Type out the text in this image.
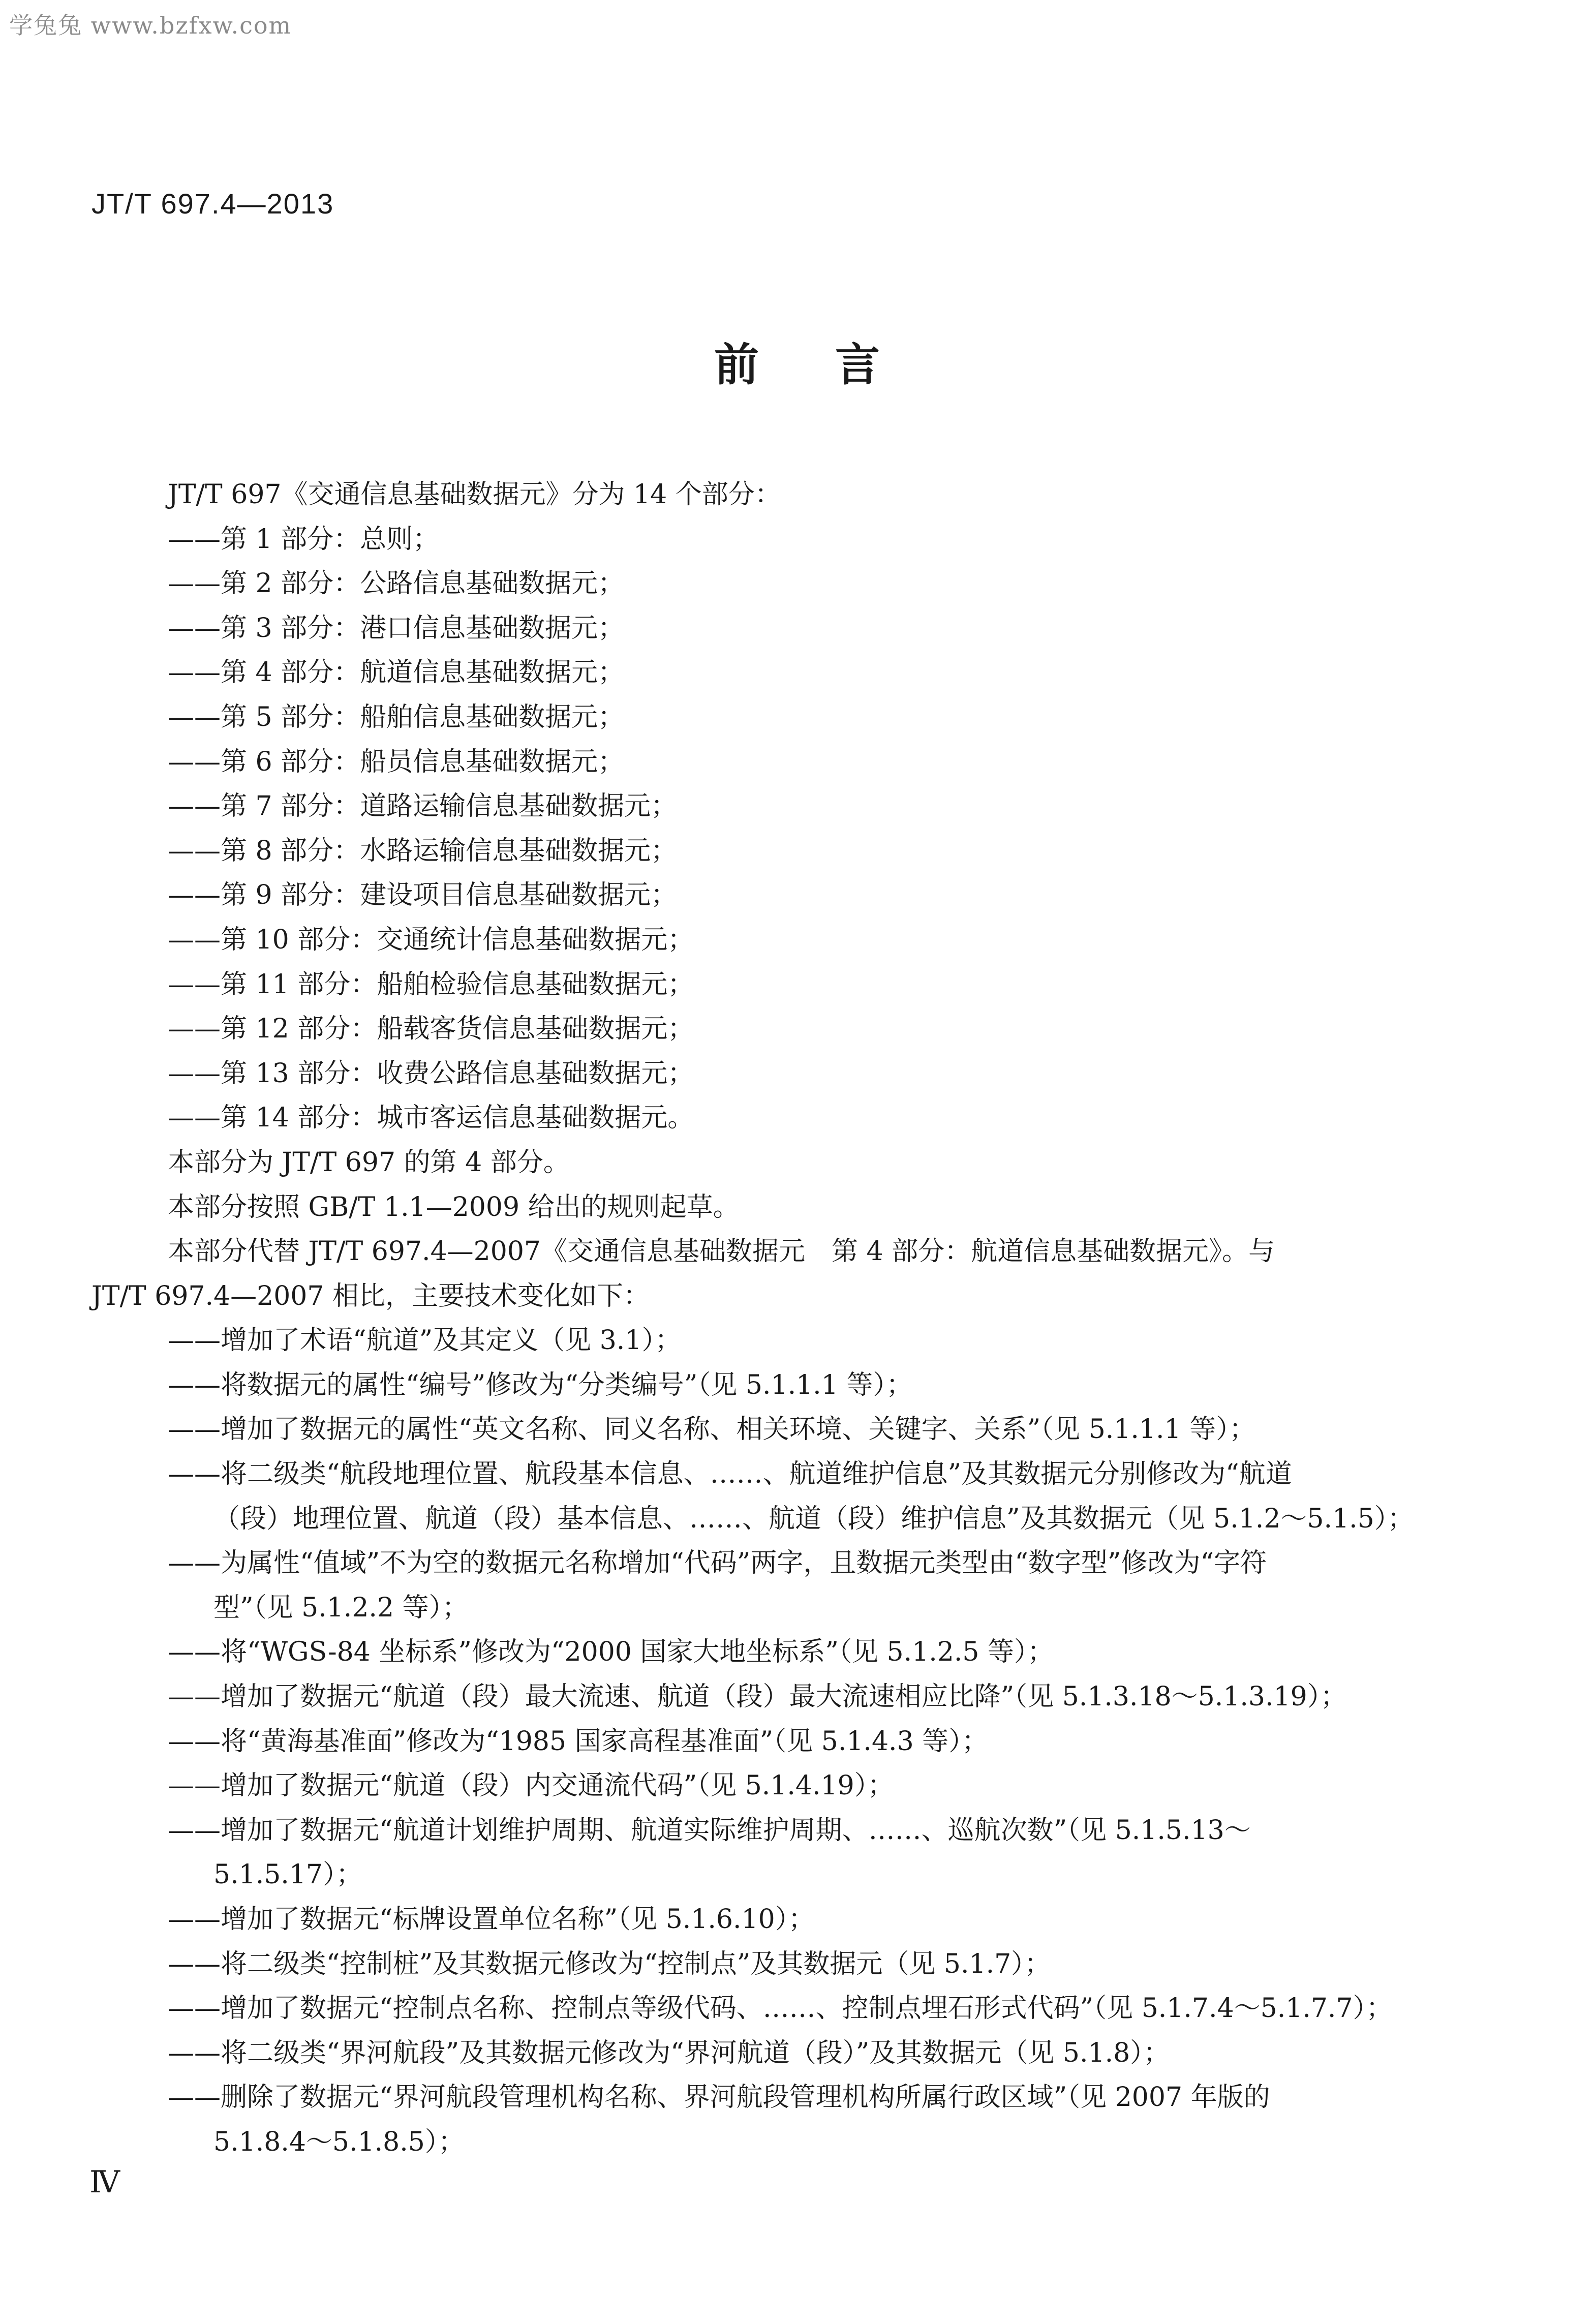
学兔兔 www.bzfxw.com
JT/T 697.4—2013
前言
JT/T 697《交通信息基础数据元》分为 14 个部分：
——第 1 部分：总则；
——第 2 部分：公路信息基础数据元；
——第 3 部分：港口信息基础数据元；
——第 4 部分：航道信息基础数据元；
——第 5 部分：船舶信息基础数据元；
——第 6 部分：船员信息基础数据元；
——第 7 部分：道路运输信息基础数据元；
——第 8 部分：水路运输信息基础数据元；
——第 9 部分：建设项目信息基础数据元；
——第 10 部分：交通统计信息基础数据元；
——第 11 部分：船舶检验信息基础数据元；
——第 12 部分：船载客货信息基础数据元；
——第 13 部分：收费公路信息基础数据元；
——第 14 部分：城市客运信息基础数据元。
本部分为 JT/T 697 的第 4 部分。
本部分按照 GB/T 1.1—2009 给出的规则起草。
本部分代替 JT/T 697.4—2007《交通信息基础数据元　第 4 部分：航道信息基础数据元》。与
JT/T 697.4—2007 相比，主要技术变化如下：
——增加了术语“航道”及其定义（见 3.1）；
——将数据元的属性“编号”修改为“分类编号”（见 5.1.1.1 等）；
——增加了数据元的属性“英文名称、同义名称、相关环境、关键字、关系”（见 5.1.1.1 等）；
——将二级类“航段地理位置、航段基本信息、……、航道维护信息”及其数据元分别修改为“航道
（段）地理位置、航道（段）基本信息、……、航道（段）维护信息”及其数据元（见 5.1.2～5.1.5）；
——为属性“值域”不为空的数据元名称增加“代码”两字，且数据元类型由“数字型”修改为“字符
型”（见 5.1.2.2 等）；
——将“WGS-84 坐标系”修改为“2000 国家大地坐标系”（见 5.1.2.5 等）；
——增加了数据元“航道（段）最大流速、航道（段）最大流速相应比降”（见 5.1.3.18～5.1.3.19）；
——将“黄海基准面”修改为“1985 国家高程基准面”（见 5.1.4.3 等）；
——增加了数据元“航道（段）内交通流代码”（见 5.1.4.19）；
——增加了数据元“航道计划维护周期、航道实际维护周期、……、巡航次数”（见 5.1.5.13～
5.1.5.17）；
——增加了数据元“标牌设置单位名称”（见 5.1.6.10）；
——将二级类“控制桩”及其数据元修改为“控制点”及其数据元（见 5.1.7）；
——增加了数据元“控制点名称、控制点等级代码、……、控制点埋石形式代码”（见 5.1.7.4～5.1.7.7）；
——将二级类“界河航段”及其数据元修改为“界河航道（段）”及其数据元（见 5.1.8）；
——删除了数据元“界河航段管理机构名称、界河航段管理机构所属行政区域”（见 2007 年版的
5.1.8.4～5.1.8.5）；
Ⅳ
